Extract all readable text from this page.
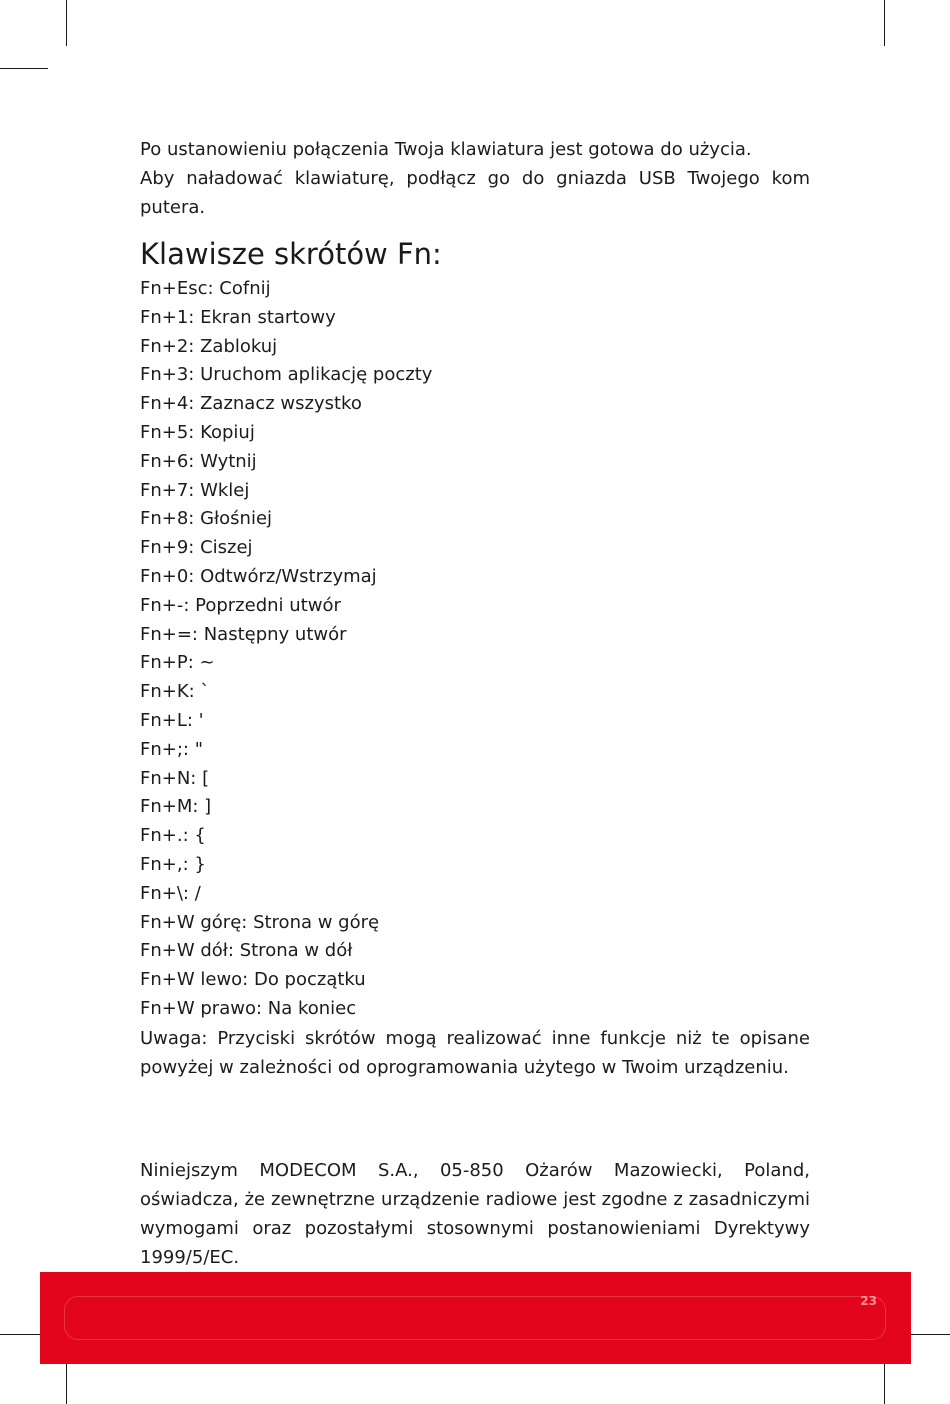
Po ustanowieniu połączenia Twoja klawiatura jest gotowa do użycia.

Aby naładować klawiaturę, podłącz go do gniazda USB Twojego kom putera.

Klawisze skrótów Fn:
Fn+Esc: Cofnij
Fn+1: Ekran startowy
Fn+2: Zablokuj
Fn+3: Uruchom aplikację poczty
Fn+4: Zaznacz wszystko
Fn+5: Kopiuj
Fn+6: Wytnij
Fn+7: Wklej
Fn+8: Głośniej
Fn+9: Ciszej
Fn+0: Odtwórz/Wstrzymaj
Fn+-: Poprzedni utwór
Fn+=: Następny utwór
Fn+P: ~
Fn+K: `
Fn+L: '
Fn+;: "
Fn+N: [
Fn+M: ]
Fn+.: {
Fn+,: }
Fn+\: /
Fn+W górę: Strona w górę
Fn+W dół: Strona w dół
Fn+W lewo: Do początku
Fn+W prawo: Na koniec

Uwaga: Przyciski skrótów mogą realizować inne funkcje niż te opisane powyżej w zależności od oprogramowania użytego w Twoim urządzeniu.

Niniejszym MODECOM S.A., 05-850 Ożarów Mazowiecki, Poland, oświadcza, że zewnętrzne urządzenie radiowe jest zgodne z zasadniczymi wymogami oraz pozostałymi stosownymi postanowieniami Dyrektywy 1999/5/EC.

23
